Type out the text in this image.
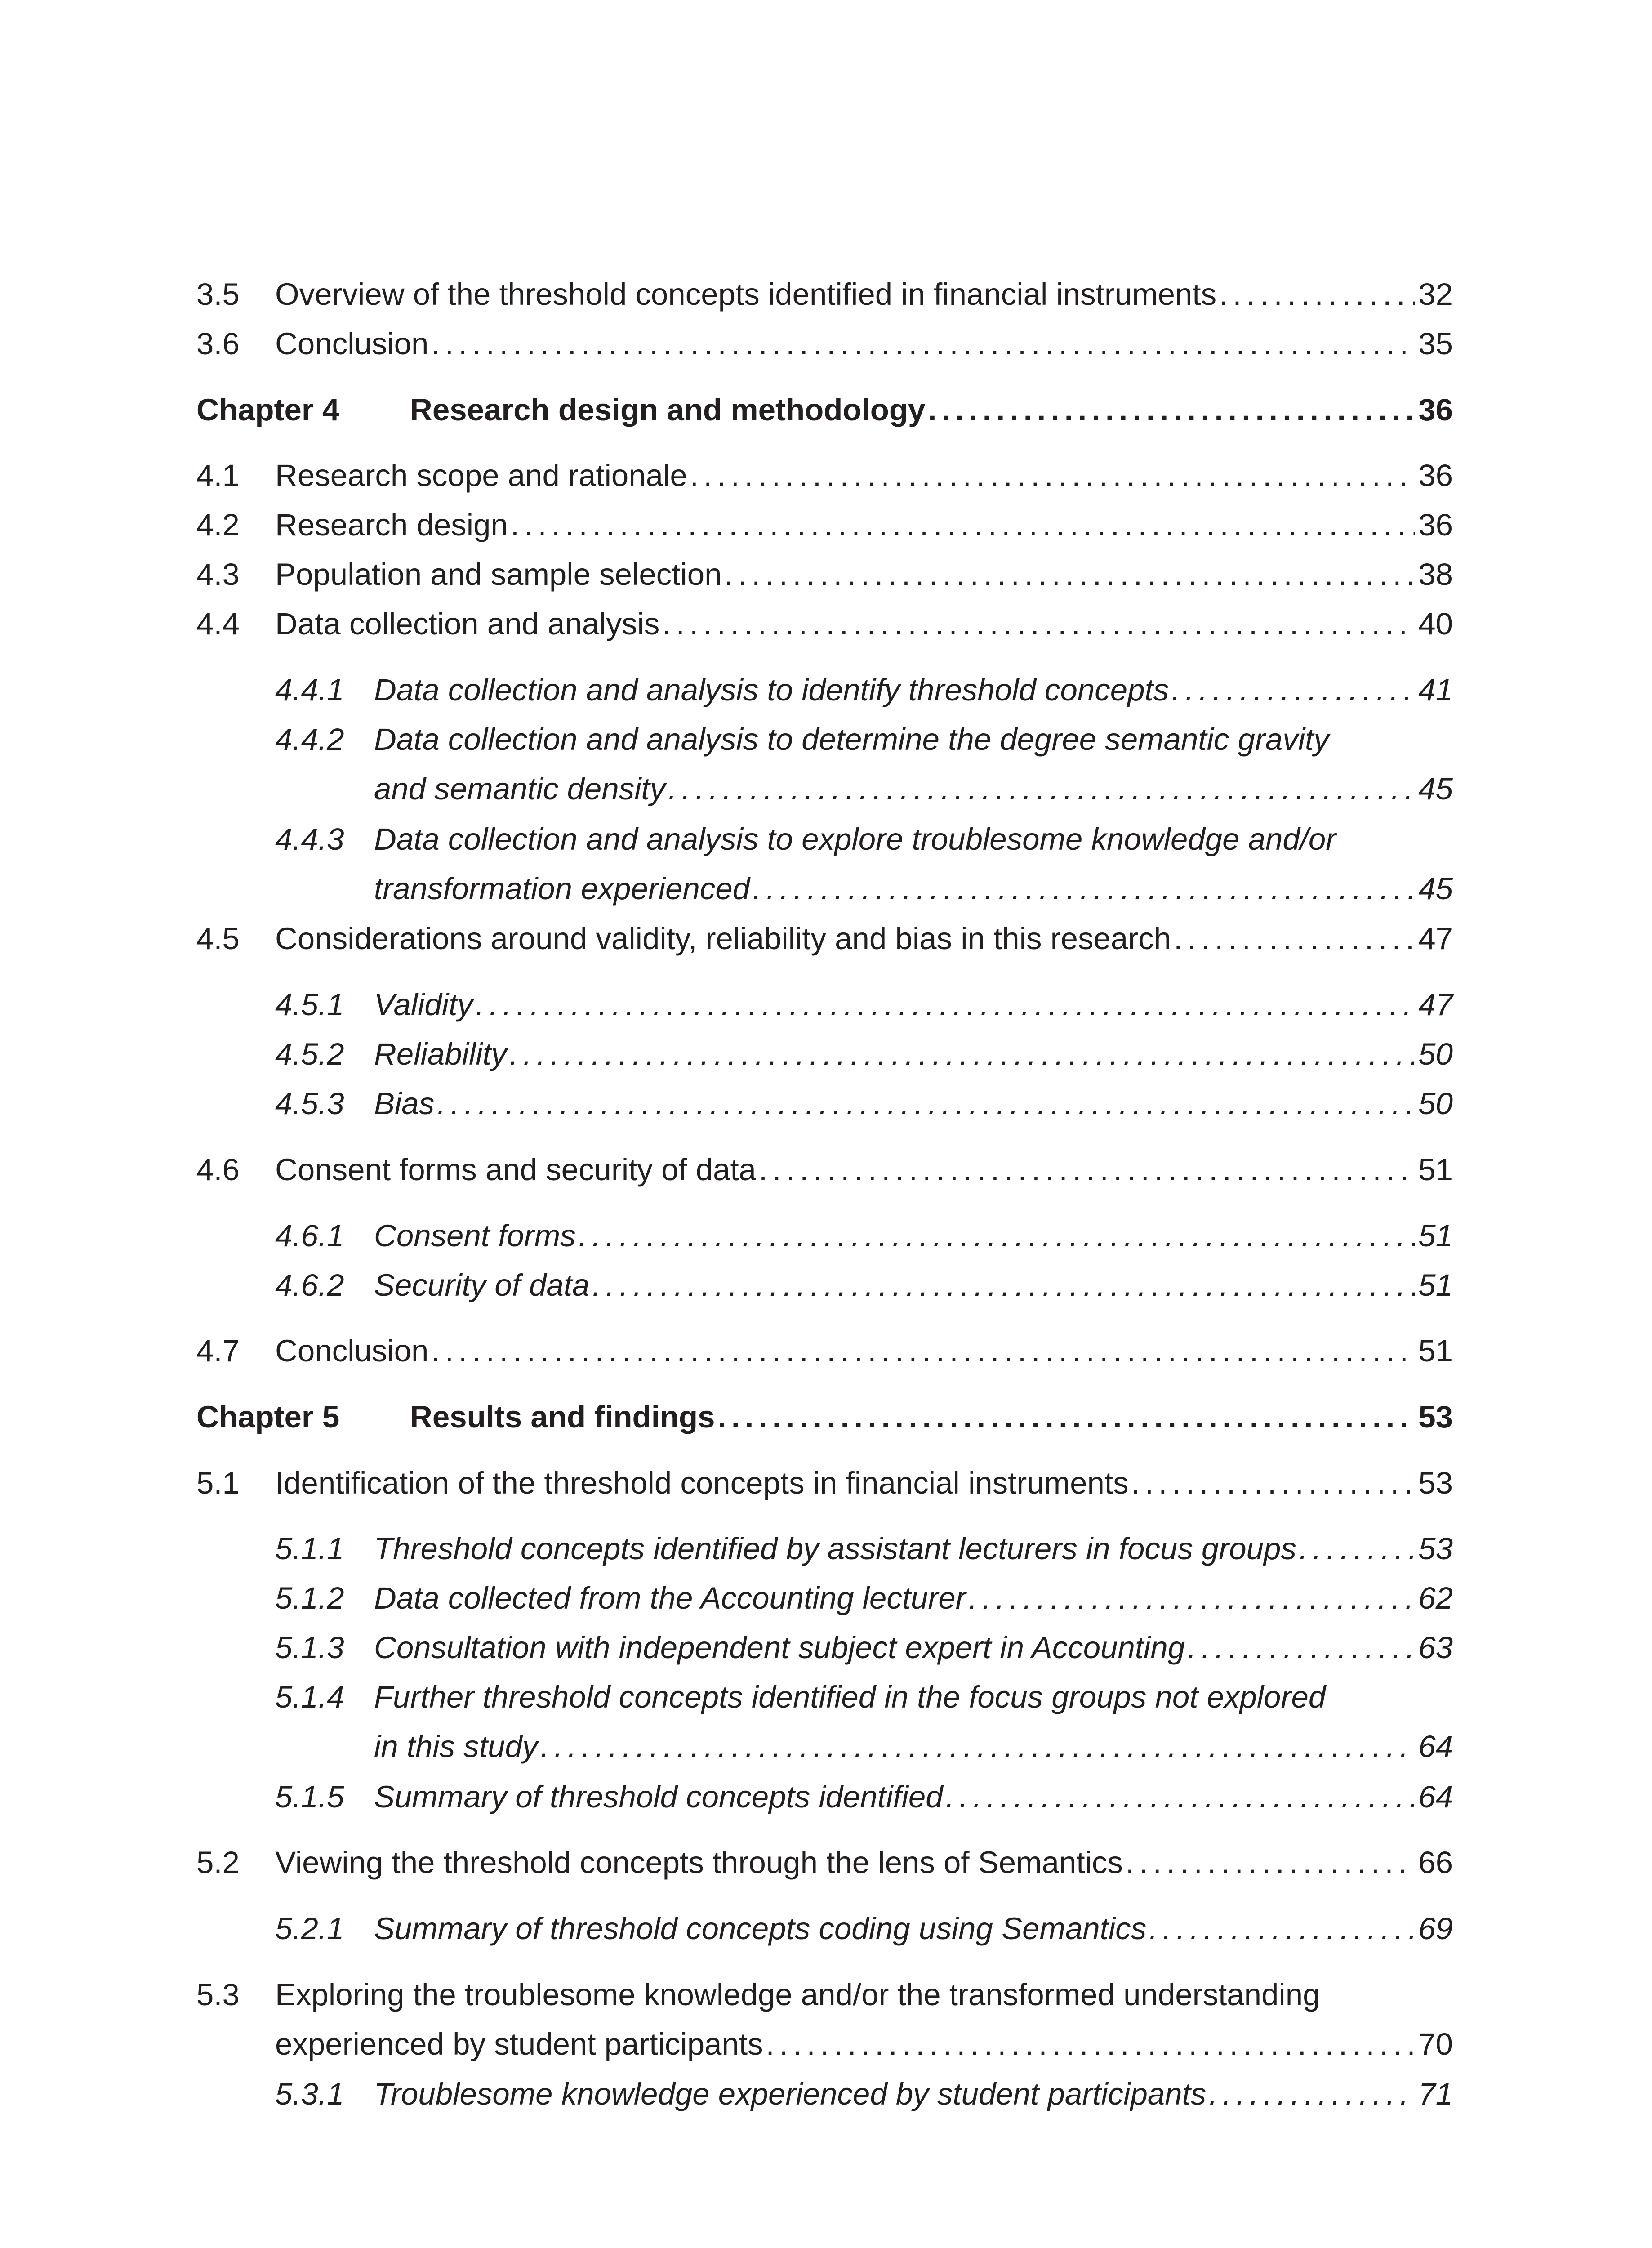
3.5 Overview of the threshold concepts identified in financial instruments . . .	32
3.6 Conclusion . . .	35
Chapter 4 Research design and methodology . . .	36
4.1 Research scope and rationale . . .	36
4.2 Research design . . .	36
4.3 Population and sample selection . . .	38
4.4 Data collection and analysis . . .	40
4.4.1 Data collection and analysis to identify threshold concepts . . .	41
4.4.2 Data collection and analysis to determine the degree semantic gravity
and semantic density . . .	45
4.4.3 Data collection and analysis to explore troublesome knowledge and/or
transformation experienced . . .	45
4.5 Considerations around validity, reliability and bias in this research . . .	47
4.5.1 Validity . . .	47
4.5.2 Reliability . . .	50
4.5.3 Bias . . .	50
4.6 Consent forms and security of data . . .	51
4.6.1 Consent forms . . .	51
4.6.2 Security of data . . .	51
4.7 Conclusion . . .	51
Chapter 5 Results and findings . . .	53
5.1 Identification of the threshold concepts in financial instruments . . .	53
5.1.1 Threshold concepts identified by assistant lecturers in focus groups . . .	53
5.1.2 Data collected from the Accounting lecturer . . .	62
5.1.3 Consultation with independent subject expert in Accounting . . .	63
5.1.4 Further threshold concepts identified in the focus groups not explored
in this study . . .	64
5.1.5 Summary of threshold concepts identified . . .	64
5.2 Viewing the threshold concepts through the lens of Semantics . . .	66
5.2.1 Summary of threshold concepts coding using Semantics . . .	69
5.3 Exploring the troublesome knowledge and/or the transformed understanding
experienced by student participants . . .	70
5.3.1 Troublesome knowledge experienced by student participants . . .	71
